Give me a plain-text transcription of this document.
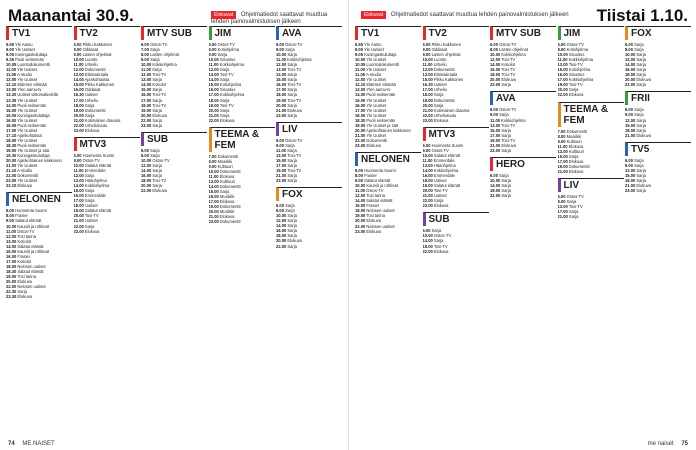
Maanantai 30.9.	Elokuvat Ohjelmatiedot saattavat muuttua lehden painovalmistuksen jälkeen
TV1
5.55 Yle Aamu
9.00 Yle Uutiset
9.05 Kuningaskuluttaja
9.35 Puoli seitsemän
10.05 Luontodokumentti
11.00 Yle Uutiset
11.05 A-studio
12.00 Yle Uutiset
12.10 Eläinten elämää
13.00 Ylen aamu-tv
13.30 Uutiset viittomakielellä
13.35 Yle Uutiset
14.00 Puoli seitsemän
15.00 Yle Uutiset
15.05 Kuningaskuluttaja
16.00 Yle Uutiset
16.05 Puoli seitsemän
17.00 Yle Uutiset
17.10 Ajankohtaista
18.00 Yle Uutiset
18.30 Puoli seitsemän
19.00 Yle Uutiset ja sää
19.30 Kuningaskuluttaja
20.00 Ajankohtainen kakkonen
21.00 Yle Uutiset
21.10 A-studio
22.00 Dokumentti
23.00 Yle Uutiset
23.10 Elokuva
NELONEN
6.00 Huomenta Suomi
8.00 Frasier
9.00 Salatut elämät
10.00 Kauniit ja rohkeat
11.00 Ostos-TV
12.00 Tosi tarina
13.00 Kotiolot
14.00 Salatut elämät
15.00 Kauniit ja rohkeat
16.00 Frasier
17.00 Kotiolot
18.00 Nelosen uutiset
18.30 Salatut elämät
19.00 Tosi tarina
20.00 Elokuva
22.00 Nelosen uutiset
22.30 Sarja
23.30 Elokuva
TV2
6.00 Pikku Kakkonen
8.00 Oddasat
9.00 Lasten ohjelmat
10.00 Luonto
11.00 Urheilu
12.00 Dokumentti
13.00 Eläinsairaala
14.00 Ajankohtaista
15.00 Pikku Kakkonen
16.00 Oddasat
16.30 Uutiset
17.00 Urheilu
18.00 Sarja
19.00 Dokumentti
20.00 Sarja
21.00 Kotimainen draama
22.00 Urheiluruutu
23.00 Elokuva
MTV3
6.00 Huomenta Suomi
9.00 Ostos-TV
10.00 Salatut elämät
11.00 Emmerdale
12.00 Sarja
13.00 Hääohjelma
14.00 Kokkiohjelma
15.00 Sarja
16.00 Emmerdale
17.00 Sarja
18.00 Uutiset
19.00 Salatut elämät
20.00 Tosi-TV
21.00 Uutiset
22.00 Sarja
23.00 Elokuva
MTV SUB
6.00 Ostos-TV
7.00 Sarja
8.00 Lasten ohjelmat
9.00 Sarja
10.00 Kokkiohjelma
11.00 Sarja
12.00 Tosi-TV
13.00 Sarja
14.00 Kotiolot
15.00 Sarja
16.00 Tosi-TV
17.00 Sarja
18.00 Tosi-TV
19.00 Sarja
20.00 Elokuva
22.00 Sarja
23.00 Sarja
SUB
6.00 Sarja
8.00 Sarja
10.00 Ostos-TV
12.00 Sarja
14.00 Sarja
16.00 Sarja
18.00 Tosi-TV
20.00 Sarja
22.00 Elokuva
JIM
6.00 Ostos-TV
8.00 Kotiohjelma
9.00 Sarja
10.00 Sisustus
11.00 Kokkiohjelma
12.00 Sarja
13.00 Tosi-TV
14.00 Sarja
15.00 Kotiohjelma
16.00 Sisustus
17.00 Kokkiohjelma
18.00 Sarja
19.00 Tosi-TV
20.00 Sarja
21.00 Sarja
22.00 Elokuva
TEEMA & FEM
7.00 Dokumentti
8.00 Musiikki
9.00 Kulttuuri
10.00 Dokumentti
11.00 Elokuva
13.00 Kulttuuri
14.00 Dokumentti
15.00 Sarja
16.00 Musiikki
17.00 Elokuva
19.00 Dokumentti
20.00 Musiikki
21.00 Elokuva
23.00 Dokumentti
AVA
6.00 Ostos-TV
9.00 Sarja
10.00 Sarja
11.00 Kokkiohjelma
12.00 Sarja
13.00 Tosi-TV
14.00 Sarja
15.00 Sarja
16.00 Tosi-TV
17.00 Sarja
18.00 Sarja
19.00 Tosi-TV
20.00 Sarja
21.00 Elokuva
23.00 Sarja
LIV
6.00 Ostos-TV
9.00 Sarja
11.00 Sarja
13.00 Tosi-TV
15.00 Sarja
17.00 Sarja
19.00 Tosi-TV
21.00 Sarja
23.00 Sarja
FOX
6.00 Sarja
8.00 Sarja
10.00 Sarja
12.00 Sarja
14.00 Sarja
16.00 Sarja
18.00 Sarja
20.00 Elokuva
22.00 Sarja
74 ME NAISET
Elokuvat Ohjelmatiedot saattavat muuttua lehden painovalmistuksen jälkeen Tiistai 1.10.
TV1
5.55 Yle Aamu
9.00 Yle Uutiset
9.05 Kuningaskuluttaja
10.00 Yle Uutiset
10.05 Luontodokumentti
11.00 Yle Uutiset
11.05 A-studio
12.00 Yle Uutiset
12.10 Eläinten elämää
13.00 Ylen aamu-tv
14.00 Puoli seitsemän
15.00 Yle Uutiset
16.00 Yle Uutiset
17.00 Yle Uutiset
18.00 Yle Uutiset
18.30 Puoli seitsemän
19.00 Yle Uutiset ja sää
20.00 Ajankohtainen kakkonen
21.00 Yle Uutiset
22.00 Dokumentti
23.00 Elokuva
NELONEN
6.00 Huomenta Suomi
8.00 Frasier
9.00 Salatut elämät
10.00 Kauniit ja rohkeat
11.00 Ostos-TV
12.00 Tosi tarina
14.00 Salatut elämät
16.00 Frasier
18.00 Nelosen uutiset
19.00 Tosi tarina
20.00 Elokuva
22.00 Nelosen uutiset
23.00 Elokuva
TV2
6.00 Pikku Kakkonen
8.00 Oddasat
9.00 Lasten ohjelmat
10.00 Luonto
11.00 Urheilu
12.00 Dokumentti
13.00 Eläinsairaala
15.00 Pikku Kakkonen
16.30 Uutiset
17.00 Urheilu
18.00 Sarja
19.00 Dokumentti
20.00 Sarja
21.00 Kotimainen draama
22.00 Urheiluruutu
23.00 Elokuva
MTV3
6.00 Huomenta Suomi
9.00 Ostos-TV
10.00 Salatut elämät
11.00 Emmerdale
13.00 Hääohjelma
14.00 Kokkiohjelma
16.00 Emmerdale
18.00 Uutiset
19.00 Salatut elämät
20.00 Tosi-TV
21.00 Uutiset
22.00 Sarja
23.00 Elokuva
SUB
6.00 Sarja
10.00 Ostos-TV
14.00 Sarja
18.00 Tosi-TV
22.00 Elokuva
MTV SUB
6.00 Ostos-TV
8.00 Lasten ohjelmat
10.00 Kokkiohjelma
12.00 Tosi-TV
14.00 Kotiolot
16.00 Tosi-TV
18.00 Tosi-TV
20.00 Elokuva
22.00 Sarja
AVA
6.00 Ostos-TV
9.00 Sarja
11.00 Kokkiohjelma
13.00 Tosi-TV
15.00 Sarja
17.00 Sarja
19.00 Tosi-TV
21.00 Elokuva
23.00 Sarja
HERO
6.00 Sarja
10.00 Sarja
14.00 Sarja
18.00 Sarja
22.00 Sarja
JIM
6.00 Ostos-TV
8.00 Kotiohjelma
10.00 Sisustus
11.00 Kokkiohjelma
13.00 Tosi-TV
15.00 Kotiohjelma
16.00 Sisustus
17.00 Kokkiohjelma
19.00 Tosi-TV
20.00 Sarja
22.00 Elokuva
TEEMA & FEM
7.00 Dokumentti
8.00 Musiikki
9.00 Kulttuuri
11.00 Elokuva
13.00 Kulttuuri
15.00 Sarja
17.00 Elokuva
19.00 Dokumentti
21.00 Elokuva
LIV
6.00 Ostos-TV
9.00 Sarja
13.00 Tosi-TV
17.00 Sarja
21.00 Sarja
FOX
6.00 Sarja
8.00 Sarja
10.00 Sarja
12.00 Sarja
14.00 Sarja
16.00 Sarja
18.00 Sarja
20.00 Elokuva
22.00 Sarja
FRII
6.00 Sarja
9.00 Sarja
12.00 Sarja
15.00 Sarja
18.00 Sarja
21.00 Elokuva
TV5
6.00 Sarja
9.00 Sarja
12.00 Sarja
15.00 Sarja
18.00 Sarja
21.00 Elokuva
23.00 Sarja
me naiset 75
